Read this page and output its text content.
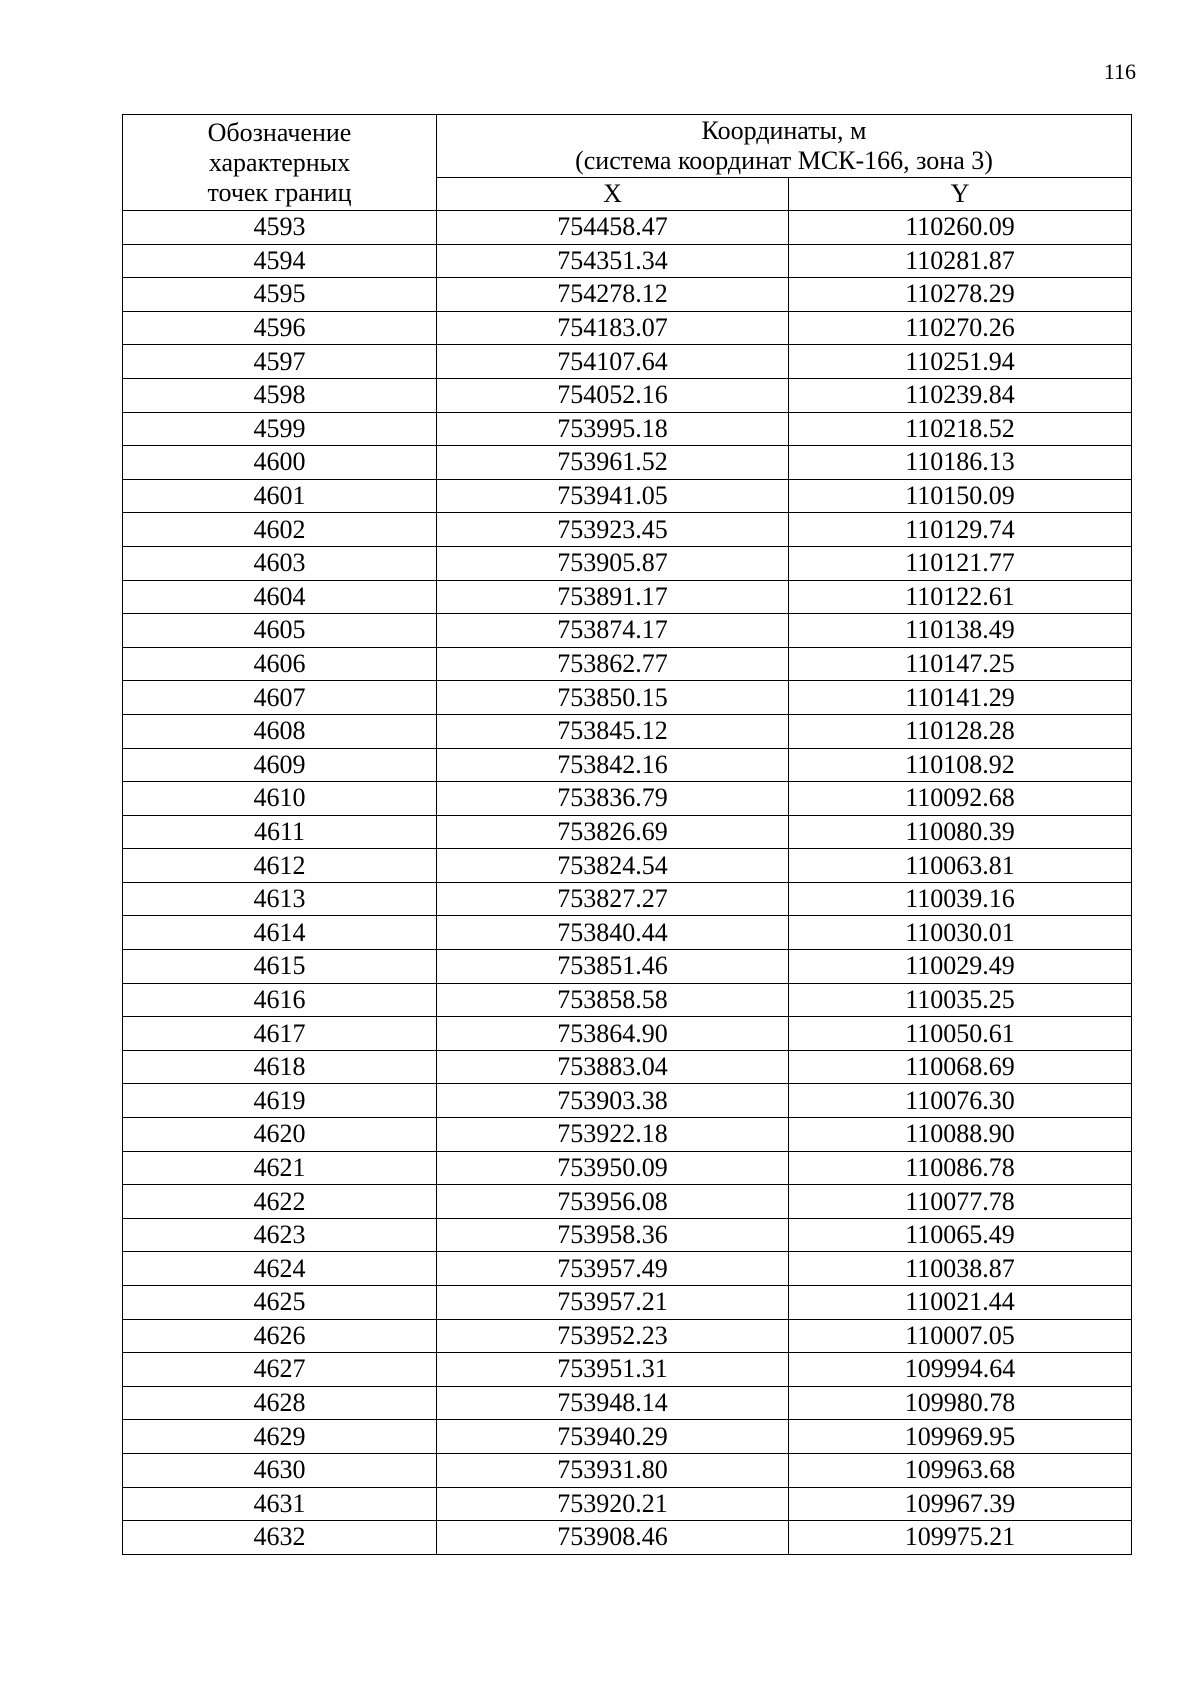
116
Обозначение
характерных
точек границ	Координаты, м
(система координат МСК-166, зона 3)	

	X	Y
4593	754458.47	110260.09
4594	754351.34	110281.87
4595	754278.12	110278.29
4596	754183.07	110270.26
4597	754107.64	110251.94
4598	754052.16	110239.84
4599	753995.18	110218.52
4600	753961.52	110186.13
4601	753941.05	110150.09
4602	753923.45	110129.74
4603	753905.87	110121.77
4604	753891.17	110122.61
4605	753874.17	110138.49
4606	753862.77	110147.25
4607	753850.15	110141.29
4608	753845.12	110128.28
4609	753842.16	110108.92
4610	753836.79	110092.68
4611	753826.69	110080.39
4612	753824.54	110063.81
4613	753827.27	110039.16
4614	753840.44	110030.01
4615	753851.46	110029.49
4616	753858.58	110035.25
4617	753864.90	110050.61
4618	753883.04	110068.69
4619	753903.38	110076.30
4620	753922.18	110088.90
4621	753950.09	110086.78
4622	753956.08	110077.78
4623	753958.36	110065.49
4624	753957.49	110038.87
4625	753957.21	110021.44
4626	753952.23	110007.05
4627	753951.31	109994.64
4628	753948.14	109980.78
4629	753940.29	109969.95
4630	753931.80	109963.68
4631	753920.21	109967.39
4632	753908.46	109975.21
